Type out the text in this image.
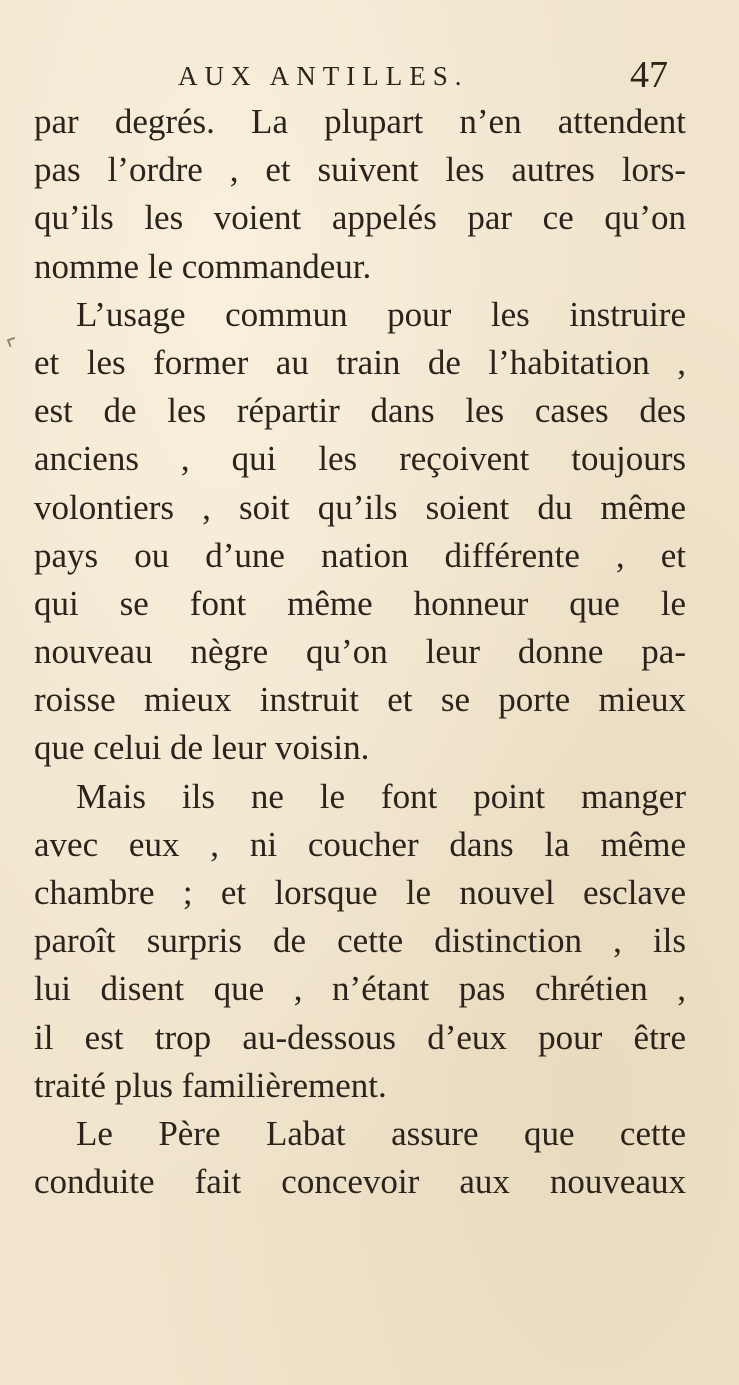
AUX ANTILLES.	47
par degrés. La plupart n’en attendent
pas l’ordre , et suivent les autres lors-
qu’ils les voient appelés par ce qu’on
nomme le commandeur.
L’usage commun pour les instruire
et les former au train de l’habitation ,
est de les répartir dans les cases des
anciens , qui les reçoivent toujours
volontiers , soit qu’ils soient du même
pays ou d’une nation différente , et
qui se font même honneur que le
nouveau nègre qu’on leur donne pa-
roisse mieux instruit et se porte mieux
que celui de leur voisin.
Mais ils ne le font point manger
avec eux , ni coucher dans la même
chambre ; et lorsque le nouvel esclave
paroît surpris de cette distinction , ils
lui disent que , n’étant pas chrétien ,
il est trop au-dessous d’eux pour être
traité plus familièrement.
Le Père Labat assure que cette
conduite fait concevoir aux nouveaux
